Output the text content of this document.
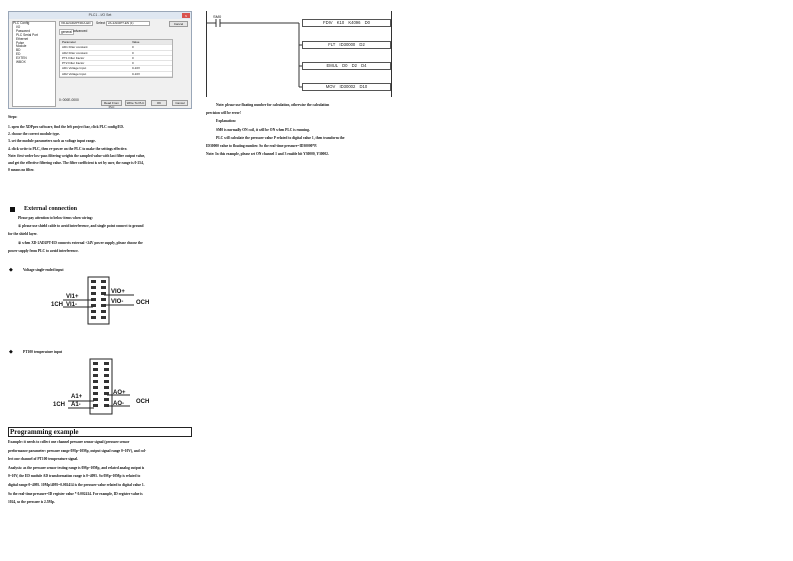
PLC1 - I/O Set	x
PLC Config
I/O
Password
PLC Serial Port
Ethernet
Pulse
Module
BD
ED
EXTEN
WBOX
XD-E2AD2PT2DA-ED	Select 2A-2AD2PT-EN (1)	Cancel
general advanced
Parameter	Value
AD1 Filter constant	0
AD2 Filter constant	0
PT1 Filter Factor	0
PT2 Filter Factor	0
AD1 Voltage Input	0-10V
AD2 Voltage Input	0-10V
0: 000E-0000
Read From PLC
Write To PLC	OK	Cancel
Steps:
1. open the XDPpro software, find the left project bar, click PLC config/ED.
2. choose the correct module type.
3. set the module parameters such as voltage input range.
4. click write to PLC, then re-power on the PLC to make the settings effective.
Note: first-order low-pass filtering weights the sampled value with last filter output value,
and get the effective filtering value. The filter coefficient is set by user, the range is 0-254,
0 means no filter.
External connection
Please pay attention to below items when wiring:
① please use shield cable to avoid interference, and single point connect to ground
for the shield layer.
② when XD-2AD2PT-ED connects external +24V power supply, please choose the
power supply from PLC to avoid interference.
◆	Voltage single-ended input
VI1+
VI1-
1CH
VIO+
VIO- OCH
◆	PT100 temperature input
A1+
A1-
1CH
AO+
AO- OCH
Programming example
Example: it needs to collect one channel pressure sensor signal (pressure sensor
performance parameter: pressure range 0Mp~10Mp, output signal range 0~10V), and col-
lect one channel of PT100 temperature signal.
Analysis: as the pressure sensor testing range is 0Mp~10Mp, and related analog output is
0~10V, the ED module AD transformation range is 0~4095. So 0Mp~10Mp is related to
digital range 0~4095. 10Mp/4095=0.002414 is the pressure value related to digital value 1.
So the real-time pressure=ID register value * 0.002414. For example, ID register value is
1024, so the pressure is 2.5Mp.
SM0
FDIV K10 K4096 D0
FLT ID30000 D2
EMUL D0 D2 D4
MOV ID30002 D10
Note: please use floating number for calculation, otherwise the calculation
precision will be error!
Explanation:
SM0 is normally ON coil, it will be ON when PLC is running.
PLC will calculate the pressure value P related to digital value 1, then transform the
ID30000 value to floating number. So the real-time pressure=ID30000*P.
Note: In this example, please set ON channel 1 and 3 enable bit Y30000, Y30002.
